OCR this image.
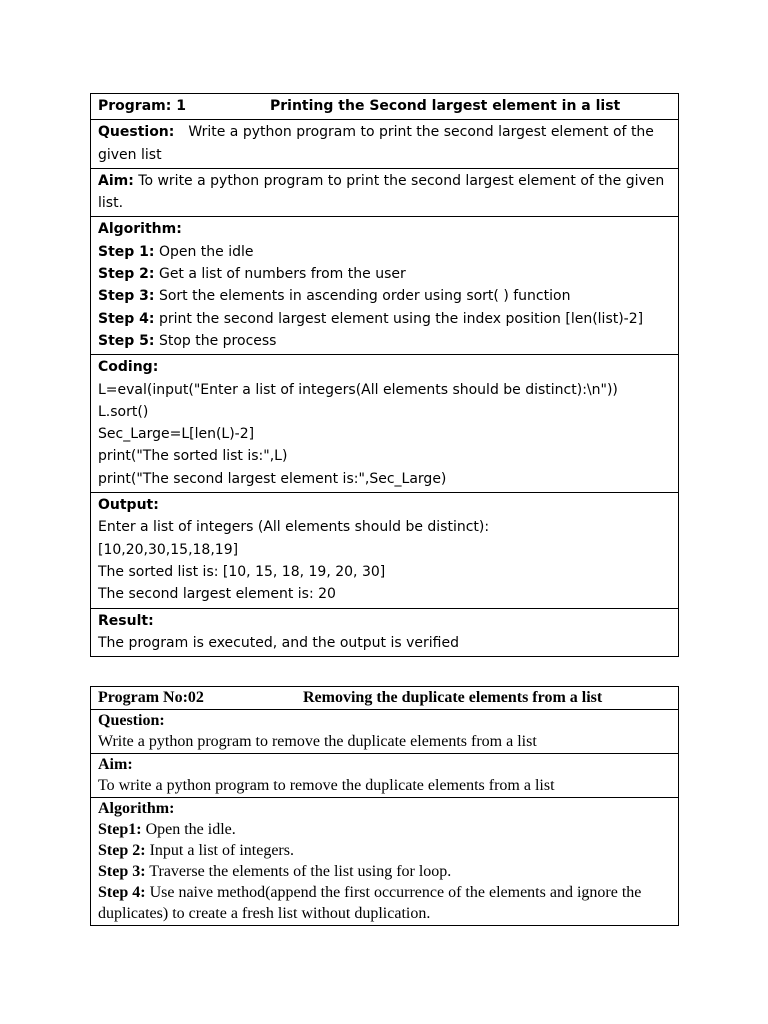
Program: 1	Printing the Second largest element in a list

Question: Write a python program to print the second largest element of the given list

Aim: To write a python program to print the second largest element of the given list.

Algorithm:
Step 1: Open the idle
Step 2: Get a list of numbers from the user
Step 3: Sort the elements in ascending order using sort( ) function
Step 4: print the second largest element using the index position [len(list)-2]
Step 5: Stop the process

Coding:
L=eval(input("Enter a list of integers(All elements should be distinct):\n"))
L.sort()
Sec_Large=L[len(L)-2]
print("The sorted list is:",L)
print("The second largest element is:",Sec_Large)

Output:
Enter a list of integers (All elements should be distinct):
[10,20,30,15,18,19]
The sorted list is: [10, 15, 18, 19, 20, 30]
The second largest element is: 20

Result:
The program is executed, and the output is verified
Program No:02	Removing the duplicate elements from a list

Question:
Write a python program to remove the duplicate elements from a list

Aim:
To write a python program to remove the duplicate elements from a list

Algorithm:
Step1: Open the idle.
Step 2: Input a list of integers.
Step 3: Traverse the elements of the list using for loop.
Step 4: Use naive method(append the first occurrence of the elements and ignore the duplicates) to create a fresh list without duplication.
